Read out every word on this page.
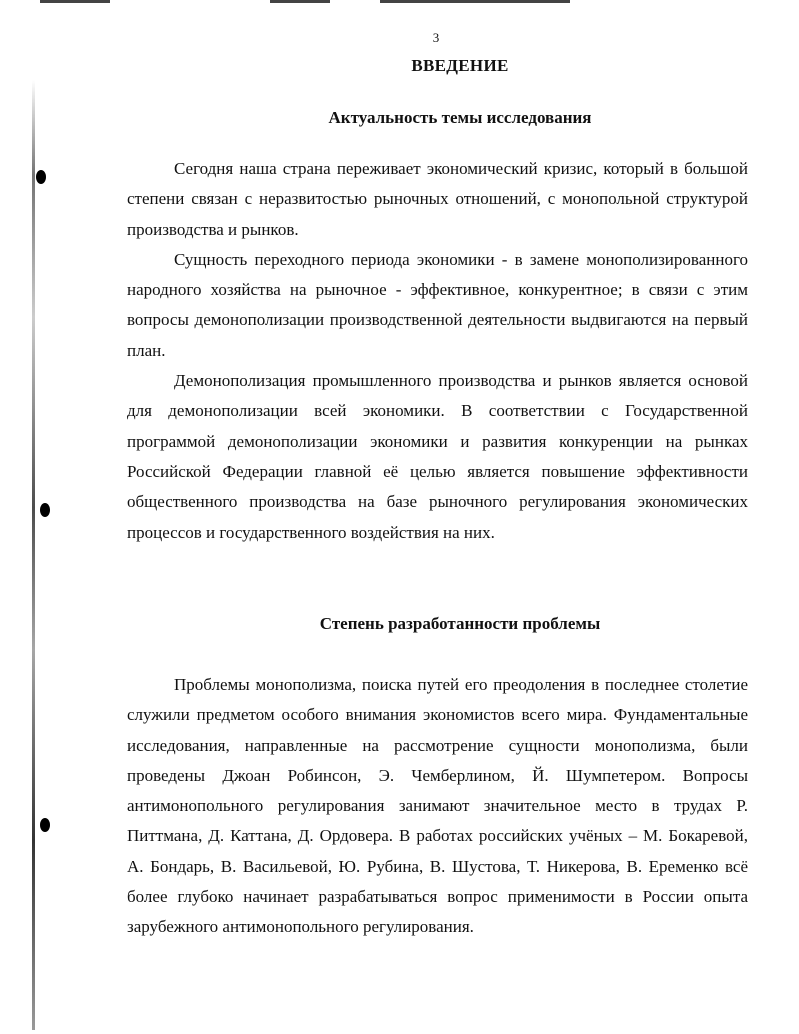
3
ВВЕДЕНИЕ
Актуальность темы исследования

Сегодня наша страна переживает экономический кризис, который в большой степени связан с неразвитостью рыночных отношений, с монопольной структурой производства и рынков.

Сущность переходного периода экономики - в замене монополизированного народного хозяйства на рыночное - эффективное, конкурентное; в связи с этим вопросы демонополизации производственной деятельности выдвигаются на первый план.

Демонополизация промышленного производства и рынков является основой для демонополизации всей экономики. В соответствии с Государственной программой демонополизации экономики и развития конкуренции на рынках Российской Федерации главной её целью является повышение эффективности общественного производства на базе рыночного регулирования экономических процессов и государственного воздействия на них.

Степень разработанности проблемы

Проблемы монополизма, поиска путей его преодоления в последнее столетие служили предметом особого внимания экономистов всего мира. Фундаментальные исследования, направленные на рассмотрение сущности монополизма, были проведены Джоан Робинсон, Э. Чемберлином, Й. Шумпетером. Вопросы антимонопольного регулирования занимают значительное место в трудах Р. Питтмана, Д. Каттана, Д. Ордовера. В работах российских учёных – М. Бокаревой, А. Бондарь, В. Васильевой, Ю. Рубина, В. Шустова, Т. Никерова, В. Еременко всё более глубоко начинает разрабатываться вопрос применимости в России опыта зарубежного антимонопольного регулирования.
